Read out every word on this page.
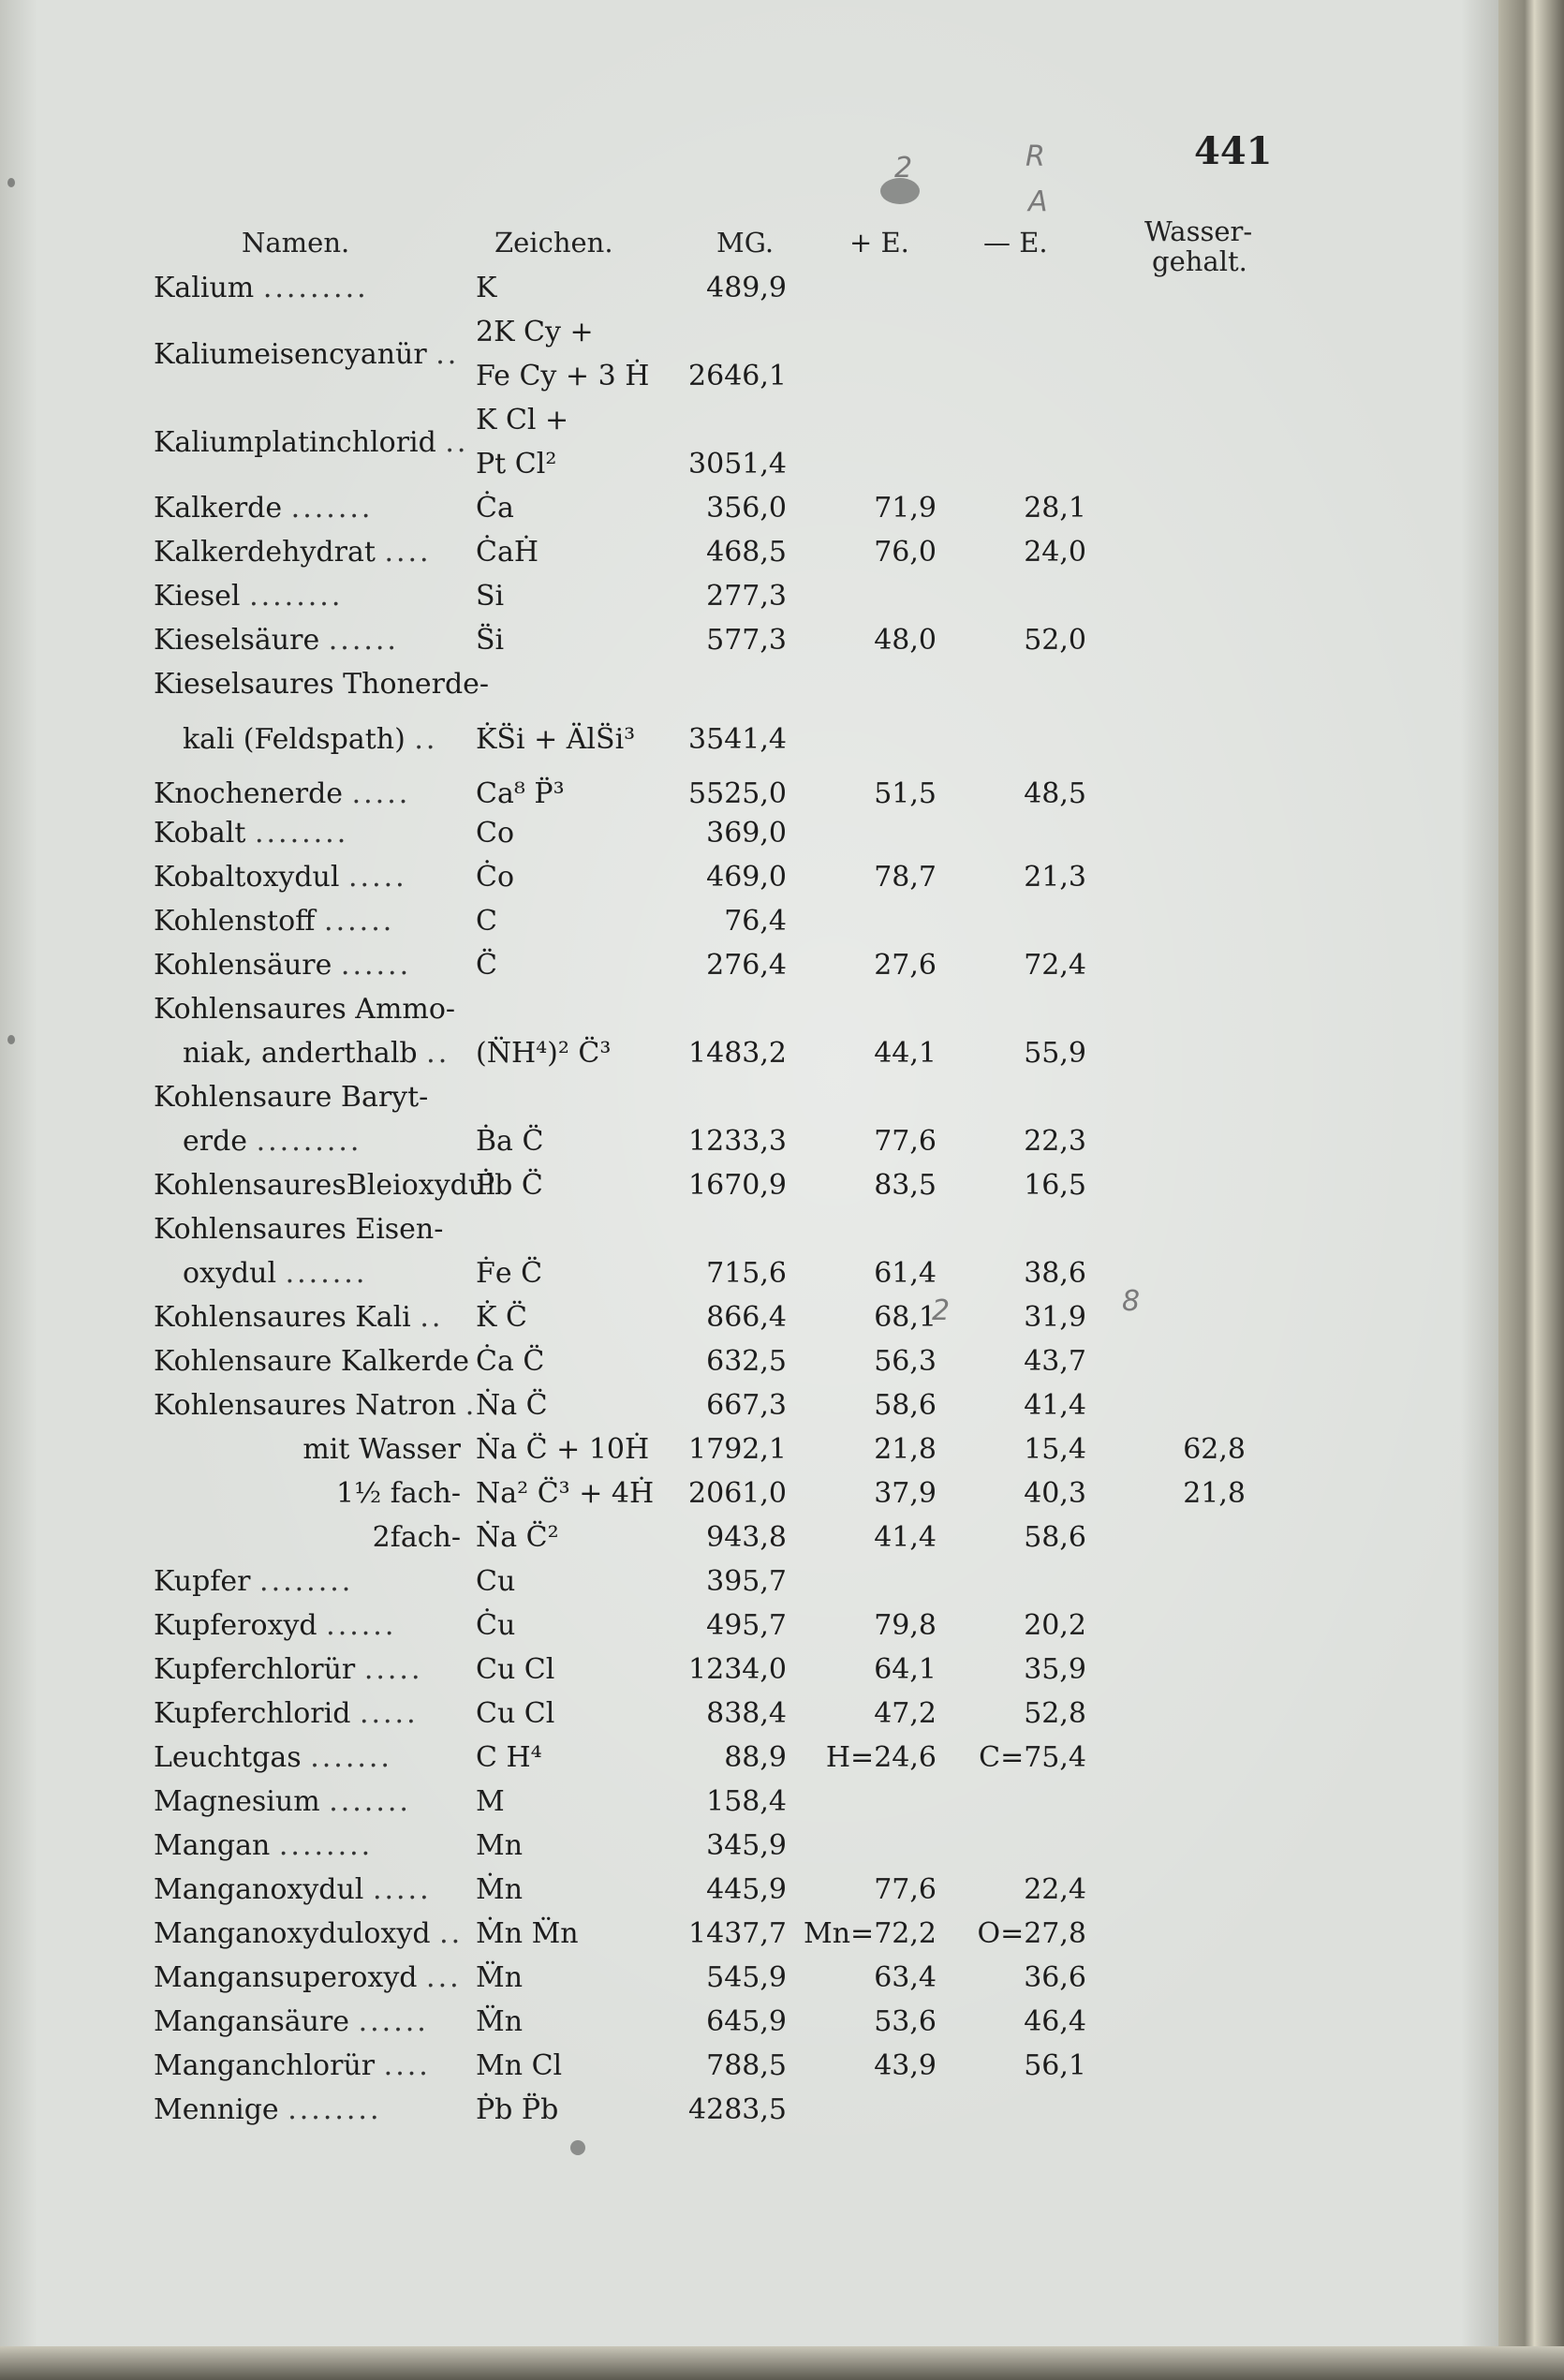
441
2	R
A
2	8
Namen.	Zeichen.	MG.	+ E.	— E.	Wasser-
gehalt.
Kalium .........	K	489,9
Kaliumeisencyanür ..
2K Cy +
Fe Cy + 3 Ḣ	2646,1
Kaliumplatinchlorid ..
K Cl +
Pt Cl²	3051,4
Kalkerde .......	Ċa	356,0	71,9	28,1
Kalkerdehydrat .... ĊaḢ	468,5	76,0	24,0
Kiesel ........	Si	277,3
Kieselsäure ......	S̈i	577,3	48,0	52,0
Kieselsaures Thonerde-
kali (Feldspath) .. K̇S̈i + ÄlS̈i³	3541,4
Knochenerde ..... Ca⁸ P̈³	5525,0	51,5	48,5
Kobalt ........	Co	369,0
Kobaltoxydul ..... Ċo	469,0	78,7	21,3
Kohlenstoff ......	C	76,4
Kohlensäure ...... C̈	276,4	27,6	72,4
Kohlensaures Ammo-
niak, anderthalb .. (N̈H⁴)² C̈³	1483,2	44,1	55,9
Kohlensaure Baryt-
erde .........	Ḃa C̈	1233,3	77,6	22,3
KohlensauresBleioxydul
Ṗb C̈	1670,9	83,5	16,5
Kohlensaures Eisen-
oxydul .......	Ḟe C̈	715,6	61,4	38,6
Kohlensaures Kali .. K̇ C̈	866,4	68,1	31,9
Kohlensaure Kalkerde Ċa C̈	632,5	56,3	43,7
Kohlensaures Natron .
Ṅa C̈	667,3	58,6	41,4
mit Wasser Ṅa C̈ + 10Ḣ	1792,1	21,8	15,4	62,8
1½ fach- Na² C̈³ + 4Ḣ	2061,0	37,9	40,3	21,8
2fach- Ṅa C̈²	943,8	41,4	58,6
Kupfer ........	Cu	395,7
Kupferoxyd ......	Ċu	495,7	79,8	20,2
Kupferchlorür ..... Cu Cl	1234,0	64,1	35,9
Kupferchlorid ..... Cu Cl	838,4	47,2	52,8
Leuchtgas .......	C H⁴	88,9	H=24,6	C=75,4
Magnesium ....... M	158,4
Mangan ........	Mn	345,9
Manganoxydul ..... Ṁn	445,9	77,6	22,4
Manganoxyduloxyd .. Ṁn M̈n	1437,7 Mn=72,2	O=27,8
Mangansuperoxyd ... M̈n	545,9	63,4	36,6
Mangansäure ...... M̈n	645,9	53,6	46,4
Manganchlorür .... Mn Cl	788,5	43,9	56,1
Mennige ........	Ṗb P̈b	4283,5
